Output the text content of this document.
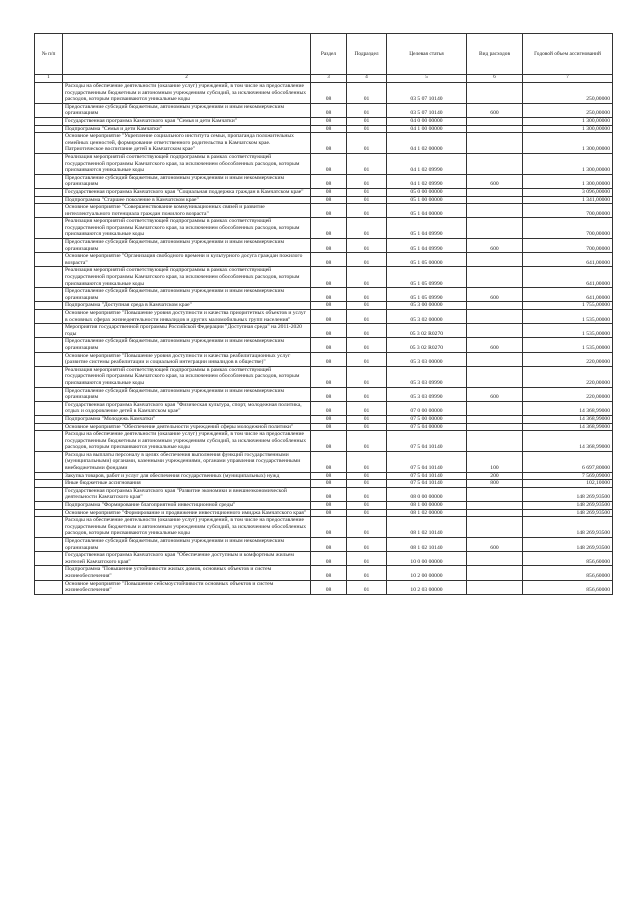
№ п/п		Раздел	Подраздел	Целевая статья	Вид расходов	Годовой объем ассигнований
1	2	3	4	5	6	7
	Расходы на обеспечение деятельности (оказание услуг) учреждений, в том числе на предоставление государственным бюджетным и автономным учреждениям субсидий, за исключением обособленных расходов, которым присваиваются уникальные коды	08	01	03 5 07 10140		250,00000
	Предоставление субсидий бюджетным, автономным учреждениям и иным некоммерческим организациям	08	01	03 5 07 10140	600	250,00000
	Государственная программа Камчатского края "Семья и дети Камчатки"	08	01	04 0 00 00000		1 300,00000
	Подпрограмма "Семья и дети Камчатки"	08	01	04 1 00 00000		1 300,00000
	Основное мероприятие "Укрепление социального института семьи, пропаганда положительных семейных ценностей, формирование ответственного родительства в Камчатском крае. Патриотическое воспитание детей в Камчатском крае"	08	01	04 1 02 00000		1 300,00000
	Реализация мероприятий соответствующей подпрограммы в рамках соответствующей государственной программы Камчатского края, за исключением обособленных расходов, которым присваиваются уникальные коды	08	01	04 1 02 09990		1 300,00000
	Предоставление субсидий бюджетным, автономным учреждениям и иным некоммерческим организациям	08	01	04 1 02 09990	600	1 300,00000
	Государственная программа Камчатского края "Социальная поддержка граждан в Камчатском крае"	08	01	05 0 00 00000		3 096,00000
	Подпрограмма "Старшее поколение в Камчатском крае"	08	01	05 1 00 00000		1 341,00000
	Основное мероприятие "Совершенствование коммуникационных связей и развитие интеллектуального потенциала граждан пожилого возраста"	08	01	05 1 04 00000		700,00000
	Реализация мероприятий соответствующей подпрограммы в рамках соответствующей государственной программы Камчатского края, за исключением обособленных расходов, которым присваиваются уникальные коды	08	01	05 1 04 09990		700,00000
	Предоставление субсидий бюджетным, автономным учреждениям и иным некоммерческим организациям	08	01	05 1 04 09990	600	700,00000
	Основное мероприятие "Организация свободного времени и культурного досуга граждан пожилого возраста"	08	01	05 1 05 00000		641,00000
	Реализация мероприятий соответствующей подпрограммы в рамках соответствующей государственной программы Камчатского края, за исключением обособленных расходов, которым присваиваются уникальные коды	08	01	05 1 05 09990		641,00000
	Предоставление субсидий бюджетным, автономным учреждениям и иным некоммерческим организациям	08	01	05 1 05 09990	600	641,00000
	Подпрограмма "Доступная среда в Камчатском крае"	08	01	05 3 00 00000		1 755,00000
	Основное мероприятие "Повышение уровня доступности и качества приоритетных объектов и услуг в основных сферах жизнедеятельности инвалидов и других маломобильных групп населения"	08	01	05 3 02 00000		1 535,00000
	Мероприятия государственной программы Российской Федерации "Доступная среда" на 2011-2020 годы	08	01	05 3 02 R0270		1 535,00000
	Предоставление субсидий бюджетным, автономным учреждениям и иным некоммерческим организациям	08	01	05 3 02 R0270	600	1 535,00000
	Основное мероприятие "Повышение уровня доступности и качества реабилитационных услуг (развитие системы реабилитации и социальной интеграции инвалидов в обществе)"	08	01	05 3 03 00000		220,00000
	Реализация мероприятий соответствующей подпрограммы в рамках соответствующей государственной программы Камчатского края, за исключением обособленных расходов, которым присваиваются уникальные коды	08	01	05 3 03 09990		220,00000
	Предоставление субсидий бюджетным, автономным учреждениям и иным некоммерческим организациям	08	01	05 3 03 09990	600	220,00000
	Государственная программа Камчатского края "Физическая культура, спорт, молодежная политика, отдых и оздоровление детей в Камчатском крае"	08	01	07 0 00 00000		14 368,99000
	Подпрограмма "Молодежь Камчатки"	08	01	07 5 00 00000		14 368,99000
	Основное мероприятие "Обеспечение деятельности учреждений сферы молодежной политики"	08	01	07 5 04 00000		14 368,99000
	Расходы на обеспечение деятельности (оказание услуг) учреждений, в том числе на предоставление государственным бюджетным и автономным учреждениям субсидий, за исключением обособленных расходов, которым присваиваются уникальные коды	08	01	07 5 04 10140		14 368,99000
	Расходы на выплаты персоналу в целях обеспечения выполнения функций государственными (муниципальными) органами, казенными учреждениями, органами управления государственными внебюджетными фондами	08	01	07 5 04 10140	100	6 697,80000
	Закупка товаров, работ и услуг для обеспечения государственных (муниципальных) нужд	08	01	07 5 04 10140	200	7 569,09000
	Иные бюджетные ассигнования	08	01	07 5 04 10140	800	102,10000
	Государственная программа Камчатского края "Развитие экономики и внешнеэкономической деятельности Камчатского края"	08	01	08 0 00 00000		148 269,93500
	Подпрограмма "Формирование благоприятной инвестиционной среды"	08	01	08 1 00 00000		148 269,93500
	Основное мероприятие "Формирование и продвижение инвестиционного имиджа Камчатского края"	08	01	08 1 02 00000		148 269,93500
	Расходы на обеспечение деятельности (оказание услуг) учреждений, в том числе на предоставление государственным бюджетным и автономным учреждениям субсидий, за исключением обособленных расходов, которым присваиваются уникальные коды	08	01	08 1 02 10140		148 269,93500
	Предоставление субсидий бюджетным, автономным учреждениям и иным некоммерческим организациям	08	01	08 1 02 10140	600	148 269,93500
	Государственная программа Камчатского края "Обеспечение доступным и комфортным жильем жителей Камчатского края"	08	01	10 0 00 00000		856,60000
	Подпрограмма "Повышение устойчивости жилых домов, основных объектов и систем жизнеобеспечения"	08	01	10 2 00 00000		856,60000
	Основное мероприятие "Повышение сейсмоустойчивости основных объектов и систем жизнеобеспечения"	08	01	10 2 03 00000		856,60000
